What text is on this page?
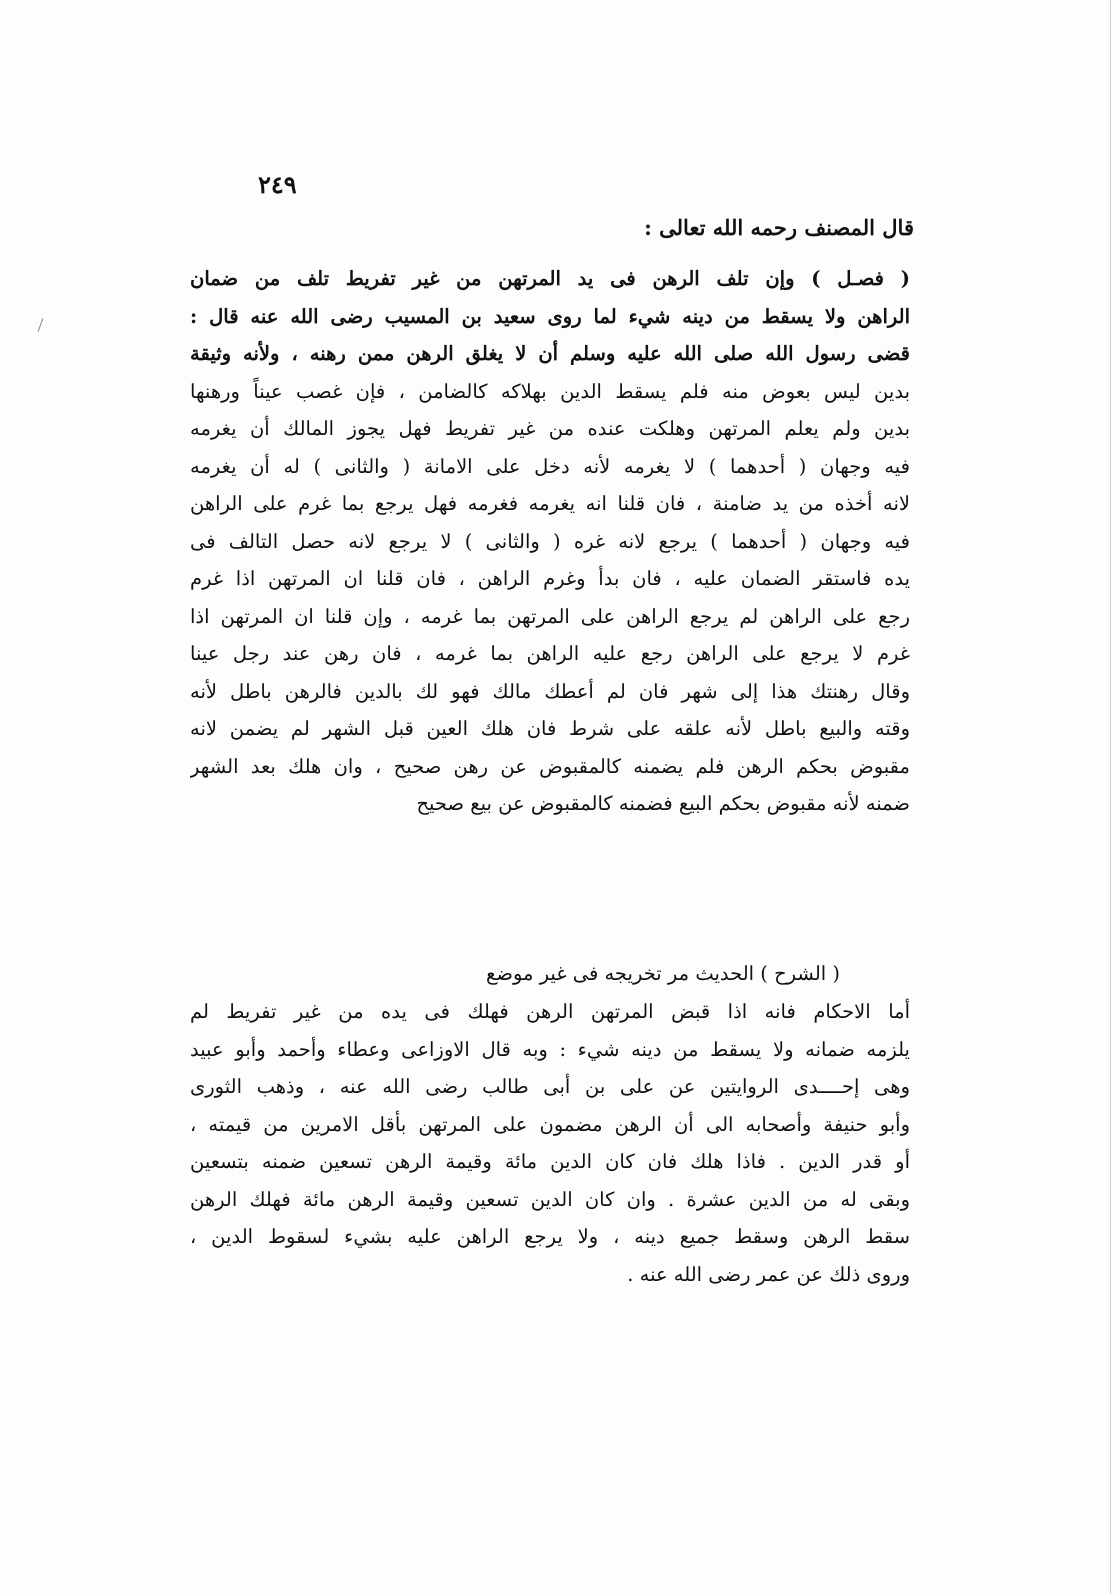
٢٤٩
قال المصنف رحمه الله تعالى :
( فصـل ) وإن تلف الرهن فى يد المرتهن من غير تفريط تلف من ضمان
الراهن ولا يسقط من دينه شيء لما روى سعيد بن المسيب رضى الله عنه قال :
قضى رسول الله صلى الله عليه وسلم أن لا يغلق الرهن ممن رهنه ، ولأنه وثيقة
بدين ليس بعوض منه فلم يسقط الدين بهلاكه كالضامن ، فإن غصب عيناً ورهنها
بدين ولم يعلم المرتهن وهلكت عنده من غير تفريط فهل يجوز المالك أن يغرمه
فيه وجهان ( أحدهما ) لا يغرمه لأنه دخل على الامانة ( والثانى ) له أن يغرمه
لانه أخذه من يد ضامنة ، فان قلنا انه يغرمه فغرمه فهل يرجع بما غرم على الراهن
فيه وجهان ( أحدهما ) يرجع لانه غره ( والثانى ) لا يرجع لانه حصل التالف فى
يده فاستقر الضمان عليه ، فان بدأ وغرم الراهن ، فان قلنا ان المرتهن اذا غرم
رجع على الراهن لم يرجع الراهن على المرتهن بما غرمه ، وإن قلنا ان المرتهن اذا
غرم لا يرجع على الراهن رجع عليه الراهن بما غرمه ، فان رهن عند رجل عينا
وقال رهنتك هذا إلى شهر فان لم أعطك مالك فهو لك بالدين فالرهن باطل لأنه
وقته والبيع باطل لأنه علقه على شرط فان هلك العين قبل الشهر لم يضمن لانه
مقبوض بحكم الرهن فلم يضمنه كالمقبوض عن رهن صحيح ، وان هلك بعد الشهر
ضمنه لأنه مقبوض بحكم البيع فضمنه كالمقبوض عن بيع صحيح
( الشرح ) الحديث مر تخريجه فى غير موضع
أما الاحكام فانه اذا قبض المرتهن الرهن فهلك فى يده من غير تفريط لم
يلزمه ضمانه ولا يسقط من دينه شيء : وبه قال الاوزاعى وعطاء وأحمد وأبو عبيد
وهى إحــــدى الروايتين عن على بن أبى طالب رضى الله عنه ، وذهب الثورى
وأبو حنيفة وأصحابه الى أن الرهن مضمون على المرتهن بأقل الامرين من قيمته ،
أو قدر الدين . فاذا هلك فان كان الدين مائة وقيمة الرهن تسعين ضمنه بتسعين
وبقى له من الدين عشرة . وان كان الدين تسعين وقيمة الرهن مائة فهلك الرهن
سقط الرهن وسقط جميع دينه ، ولا يرجع الراهن عليه بشيء لسقوط الدين ،
وروى ذلك عن عمر رضى الله عنه .
